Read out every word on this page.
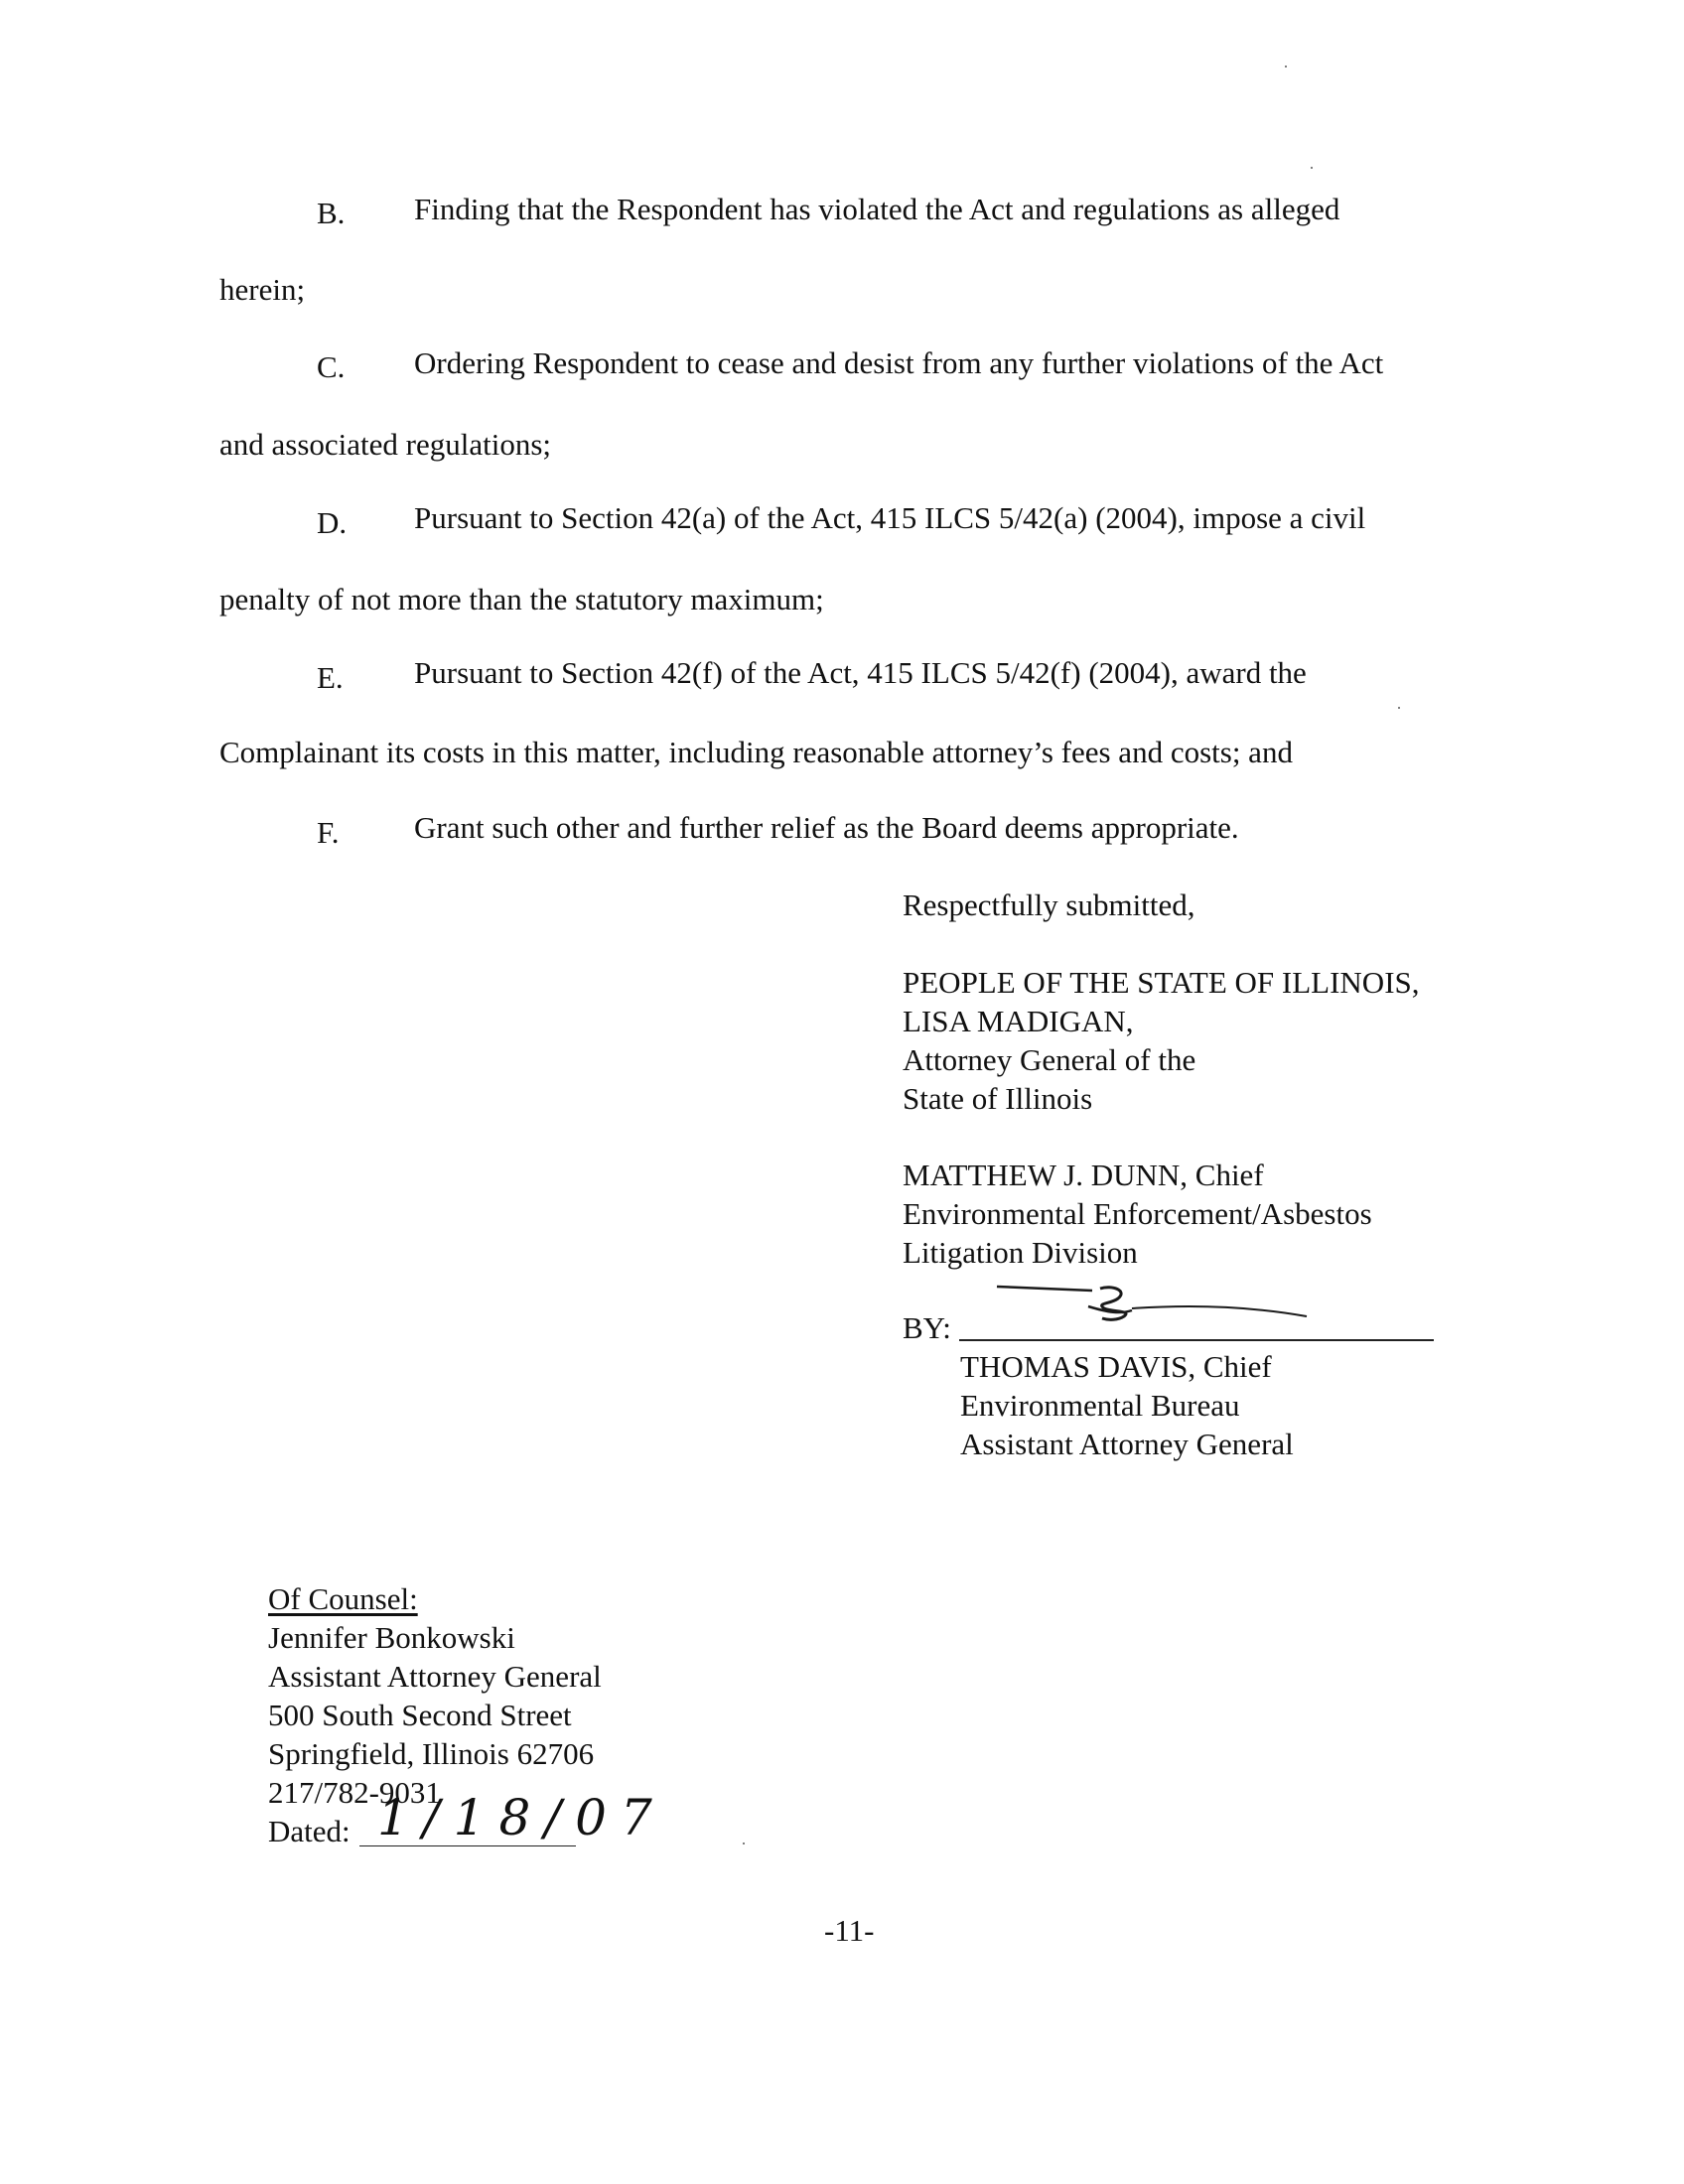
B. Finding that the Respondent has violated the Act and regulations as alleged
herein;
C. Ordering Respondent to cease and desist from any further violations of the Act
and associated regulations;
D. Pursuant to Section 42(a) of the Act, 415 ILCS 5/42(a) (2004), impose a civil
penalty of not more than the statutory maximum;
E. Pursuant to Section 42(f) of the Act, 415 ILCS 5/42(f) (2004), award the
Complainant its costs in this matter, including reasonable attorney’s fees and costs; and
F. Grant such other and further relief as the Board deems appropriate.
Respectfully submitted,
PEOPLE OF THE STATE OF ILLINOIS,
LISA MADIGAN,
Attorney General of the
State of Illinois
MATTHEW J. DUNN, Chief
Environmental Enforcement/Asbestos
Litigation Division
BY:
THOMAS DAVIS, Chief
Environmental Bureau
Assistant Attorney General
Of Counsel:
Jennifer Bonkowski
Assistant Attorney General
500 South Second Street
Springfield, Illinois 62706
217/782-9031
Dated: 1/18/07
-11-
